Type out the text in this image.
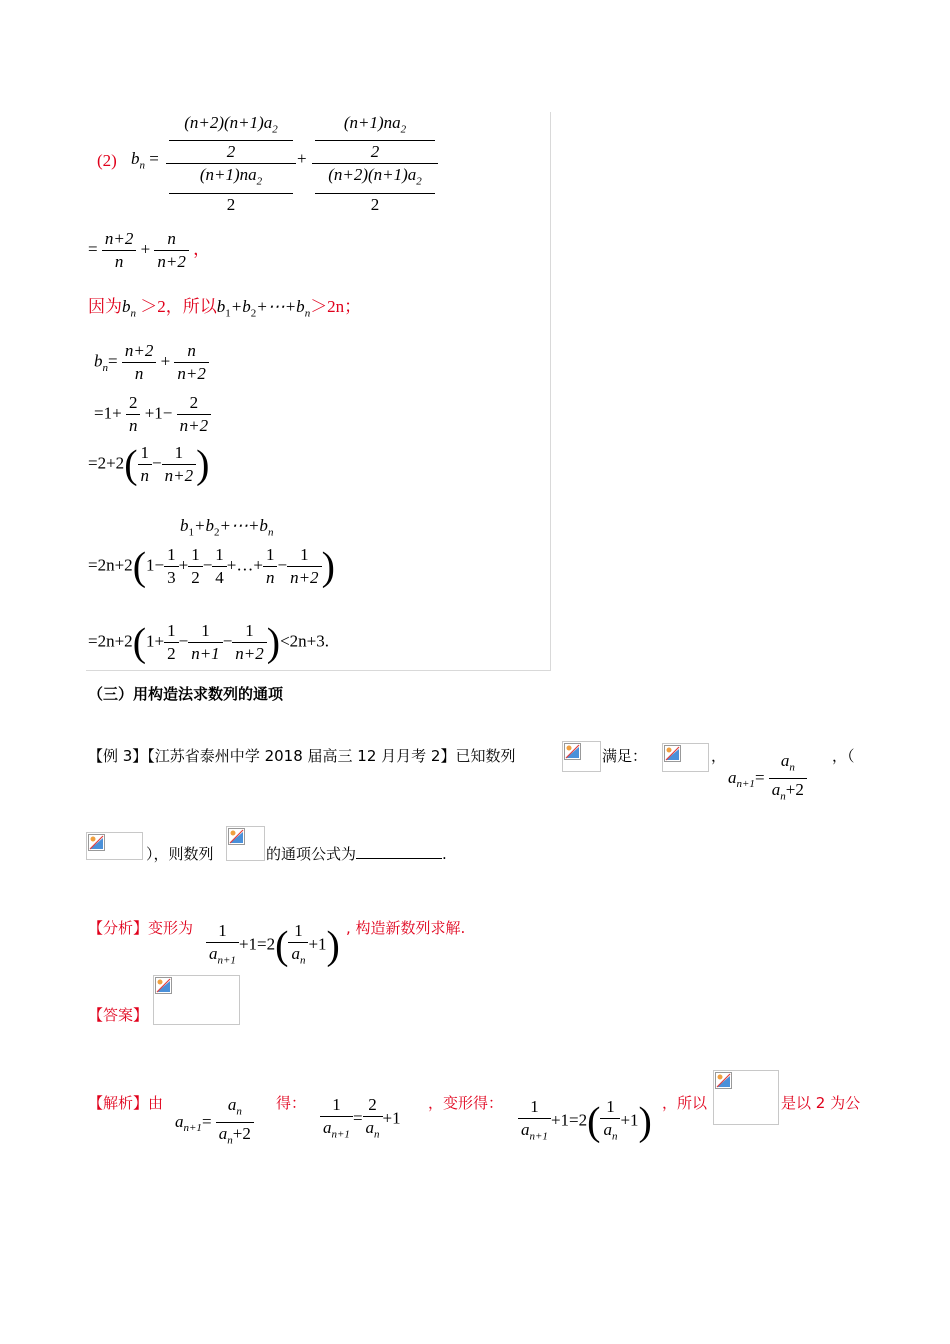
(2) $b_n$ =
$(n+2)(n+1)a_2$
2
$(n+1)na_2$
2
+
$(n+1)na_2$
2
$(n+2)(n+1)a_2$
2
= $\frac{n+2}{n} + \frac{n}{n+2}$ ，
因为$b_n >2$，所以$b_1+b_2+\cdots+b_n>2n$；
$b_n= \frac{n+2}{n} + \frac{n}{n+2}$
$=1+ \frac{2}{n} +1- \frac{2}{n+2}$
$=2+2( \frac{1}{n} - \frac{1}{n+2}$ )
$b_1+b_2+\cdots+b_n$
$=2n+2(1- \frac{1}{3} + \frac{1}{2} - \frac{1}{4}$ +…+ $\frac{1}{n} - \frac{1}{n+2}$ )
$=2n+2(1+ \frac{1}{2} - \frac{1}{n+1} - \frac{1}{n+2} )<2n+3$.
（三）用构造法求数列的通项
【例 3】【江苏省泰州中学 2018 届高三 12 月月考 2】已知数列	满足：	，
$a_{n+1}= \frac{a_n}{a_n+2}$ ，（
），则数列	的通项公式为	.
【分析】变形为 $\frac{1}{a_{n+1}} +1=2( \frac{1}{a_n} +1)$ , 构造新数列求解.
【答案】
【解析】由
$a_{n+1}= \frac{a_n}{a_n+2}$ 得： $\frac{1}{a_{n+1}} = \frac{2}{a_n} +1$
，变形得： $\frac{1}{a_{n+1}} +1=2( \frac{1}{a_n} +1)$ ，所以	是以 2 为公
